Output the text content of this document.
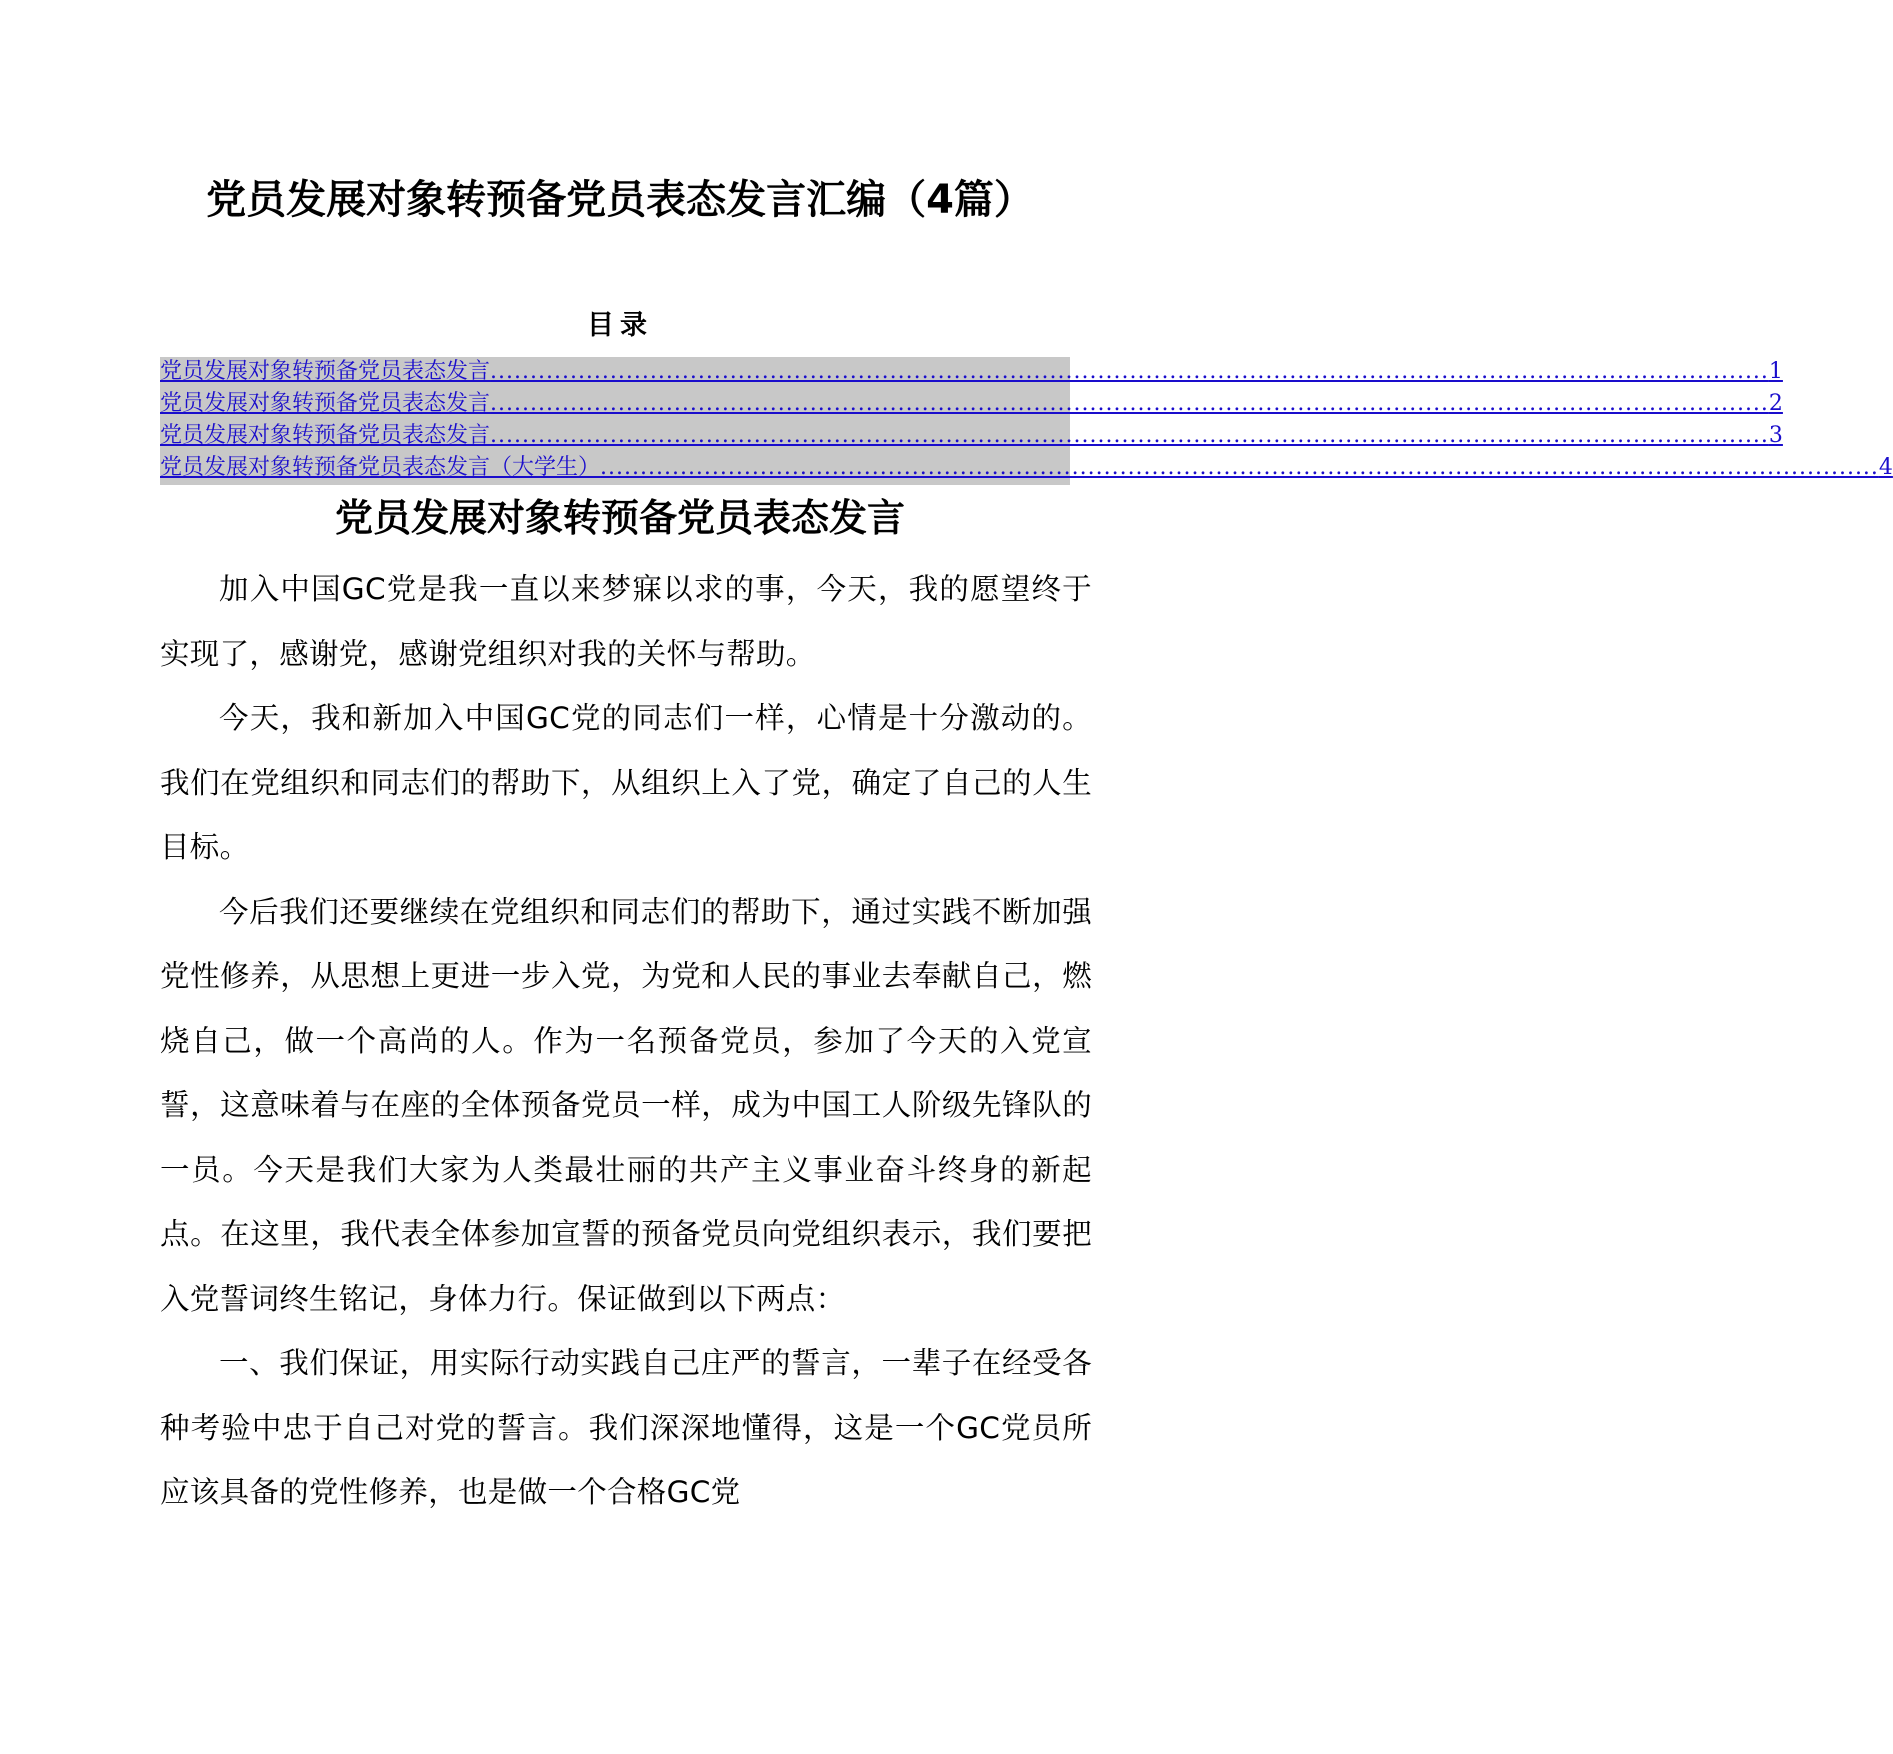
党员发展对象转预备党员表态发言汇编（4篇）
目录
党员发展对象转预备党员表态发言 ................................................................................................................................................................ 1
党员发展对象转预备党员表态发言 ................................................................................................................................................................ 2
党员发展对象转预备党员表态发言 ................................................................................................................................................................ 3
党员发展对象转预备党员表态发言（大学生） ................................................................................................................................................................ 4
党员发展对象转预备党员表态发言

加入中国GC党是我一直以来梦寐以求的事，今天，我的愿望终于实现了，感谢党，感谢党组织对我的关怀与帮助。

今天，我和新加入中国GC党的同志们一样，心情是十分激动的。我们在党组织和同志们的帮助下，从组织上入了党，确定了自己的人生目标。

今后我们还要继续在党组织和同志们的帮助下，通过实践不断加强党性修养，从思想上更进一步入党，为党和人民的事业去奉献自己，燃烧自己，做一个高尚的人。作为一名预备党员，参加了今天的入党宣誓，这意味着与在座的全体预备党员一样，成为中国工人阶级先锋队的一员。今天是我们大家为人类最壮丽的共产主义事业奋斗终身的新起点。在这里，我代表全体参加宣誓的预备党员向党组织表示，我们要把入党誓词终生铭记，身体力行。保证做到以下两点：

一、我们保证，用实际行动实践自己庄严的誓言，一辈子在经受各种考验中忠于自己对党的誓言。我们深深地懂得，这是一个GC党员所应该具备的党性修养，也是做一个合格GC党
